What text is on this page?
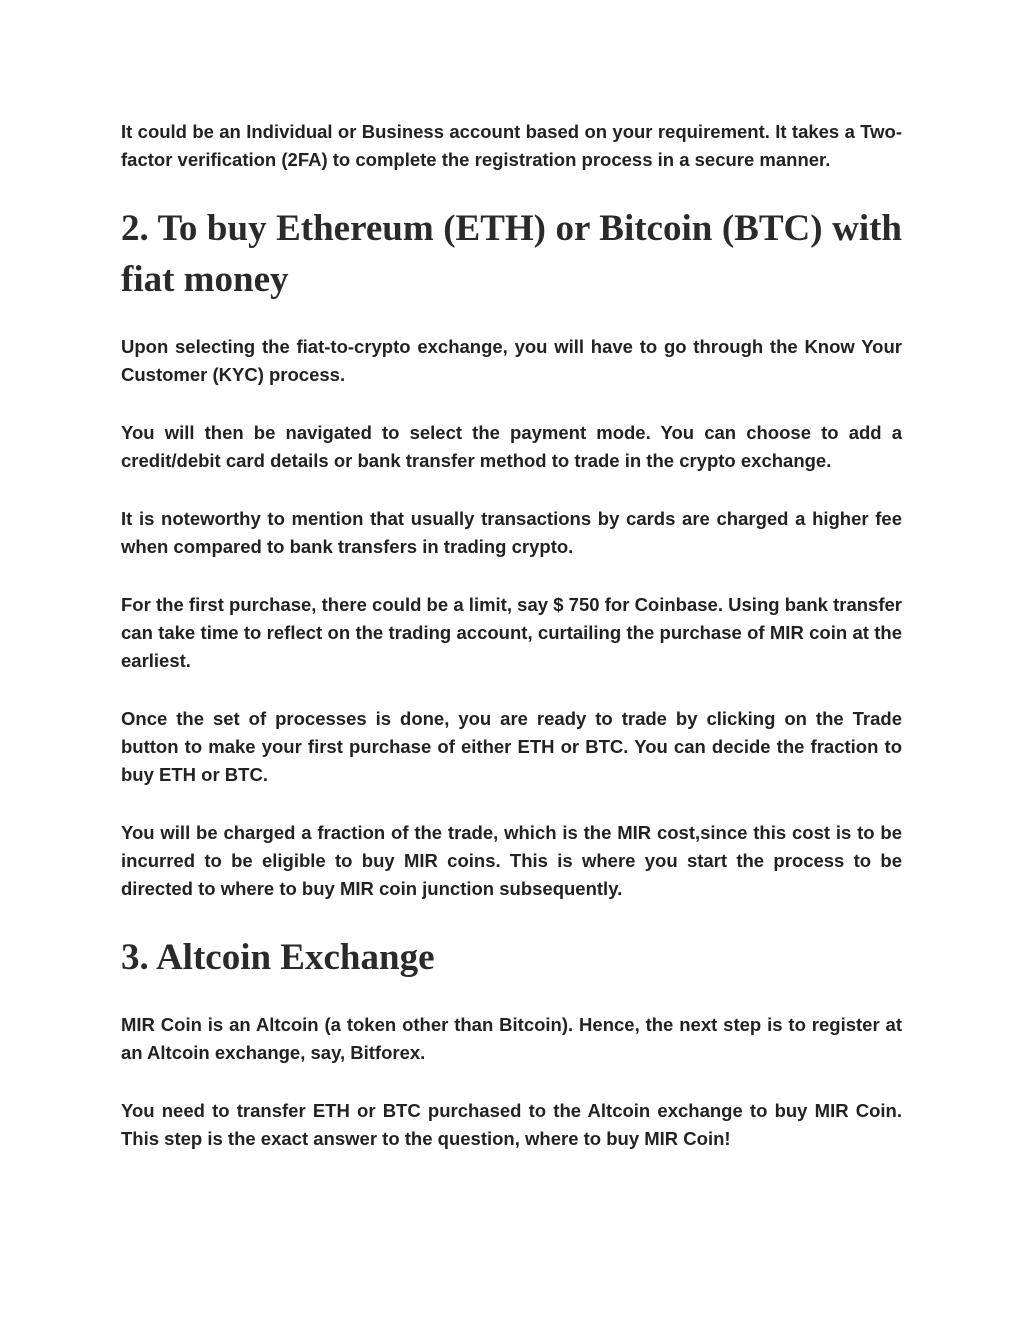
It could be an Individual or Business account based on your requirement. It takes a Two-factor verification (2FA) to complete the registration process in a secure manner.

2. To buy Ethereum (ETH) or Bitcoin (BTC) with fiat money

Upon selecting the fiat-to-crypto exchange, you will have to go through the Know Your Customer (KYC) process.

You will then be navigated to select the payment mode. You can choose to add a credit/debit card details or bank transfer method to trade in the crypto exchange.

It is noteworthy to mention that usually transactions by cards are charged a higher fee when compared to bank transfers in trading crypto.

For the first purchase, there could be a limit, say $ 750 for Coinbase. Using bank transfer can take time to reflect on the trading account, curtailing the purchase of MIR coin at the earliest.

Once the set of processes is done, you are ready to trade by clicking on the Trade button to make your first purchase of either ETH or BTC. You can decide the fraction to buy ETH or BTC.

You will be charged a fraction of the trade, which is the MIR cost,since this cost is to be incurred to be eligible to buy MIR coins. This is where you start the process to be directed to where to buy MIR coin junction subsequently.

3. Altcoin Exchange

MIR Coin is an Altcoin (a token other than Bitcoin). Hence, the next step is to register at an Altcoin exchange, say, Bitforex.

You need to transfer ETH or BTC purchased to the Altcoin exchange to buy MIR Coin. This step is the exact answer to the question, where to buy MIR Coin!
